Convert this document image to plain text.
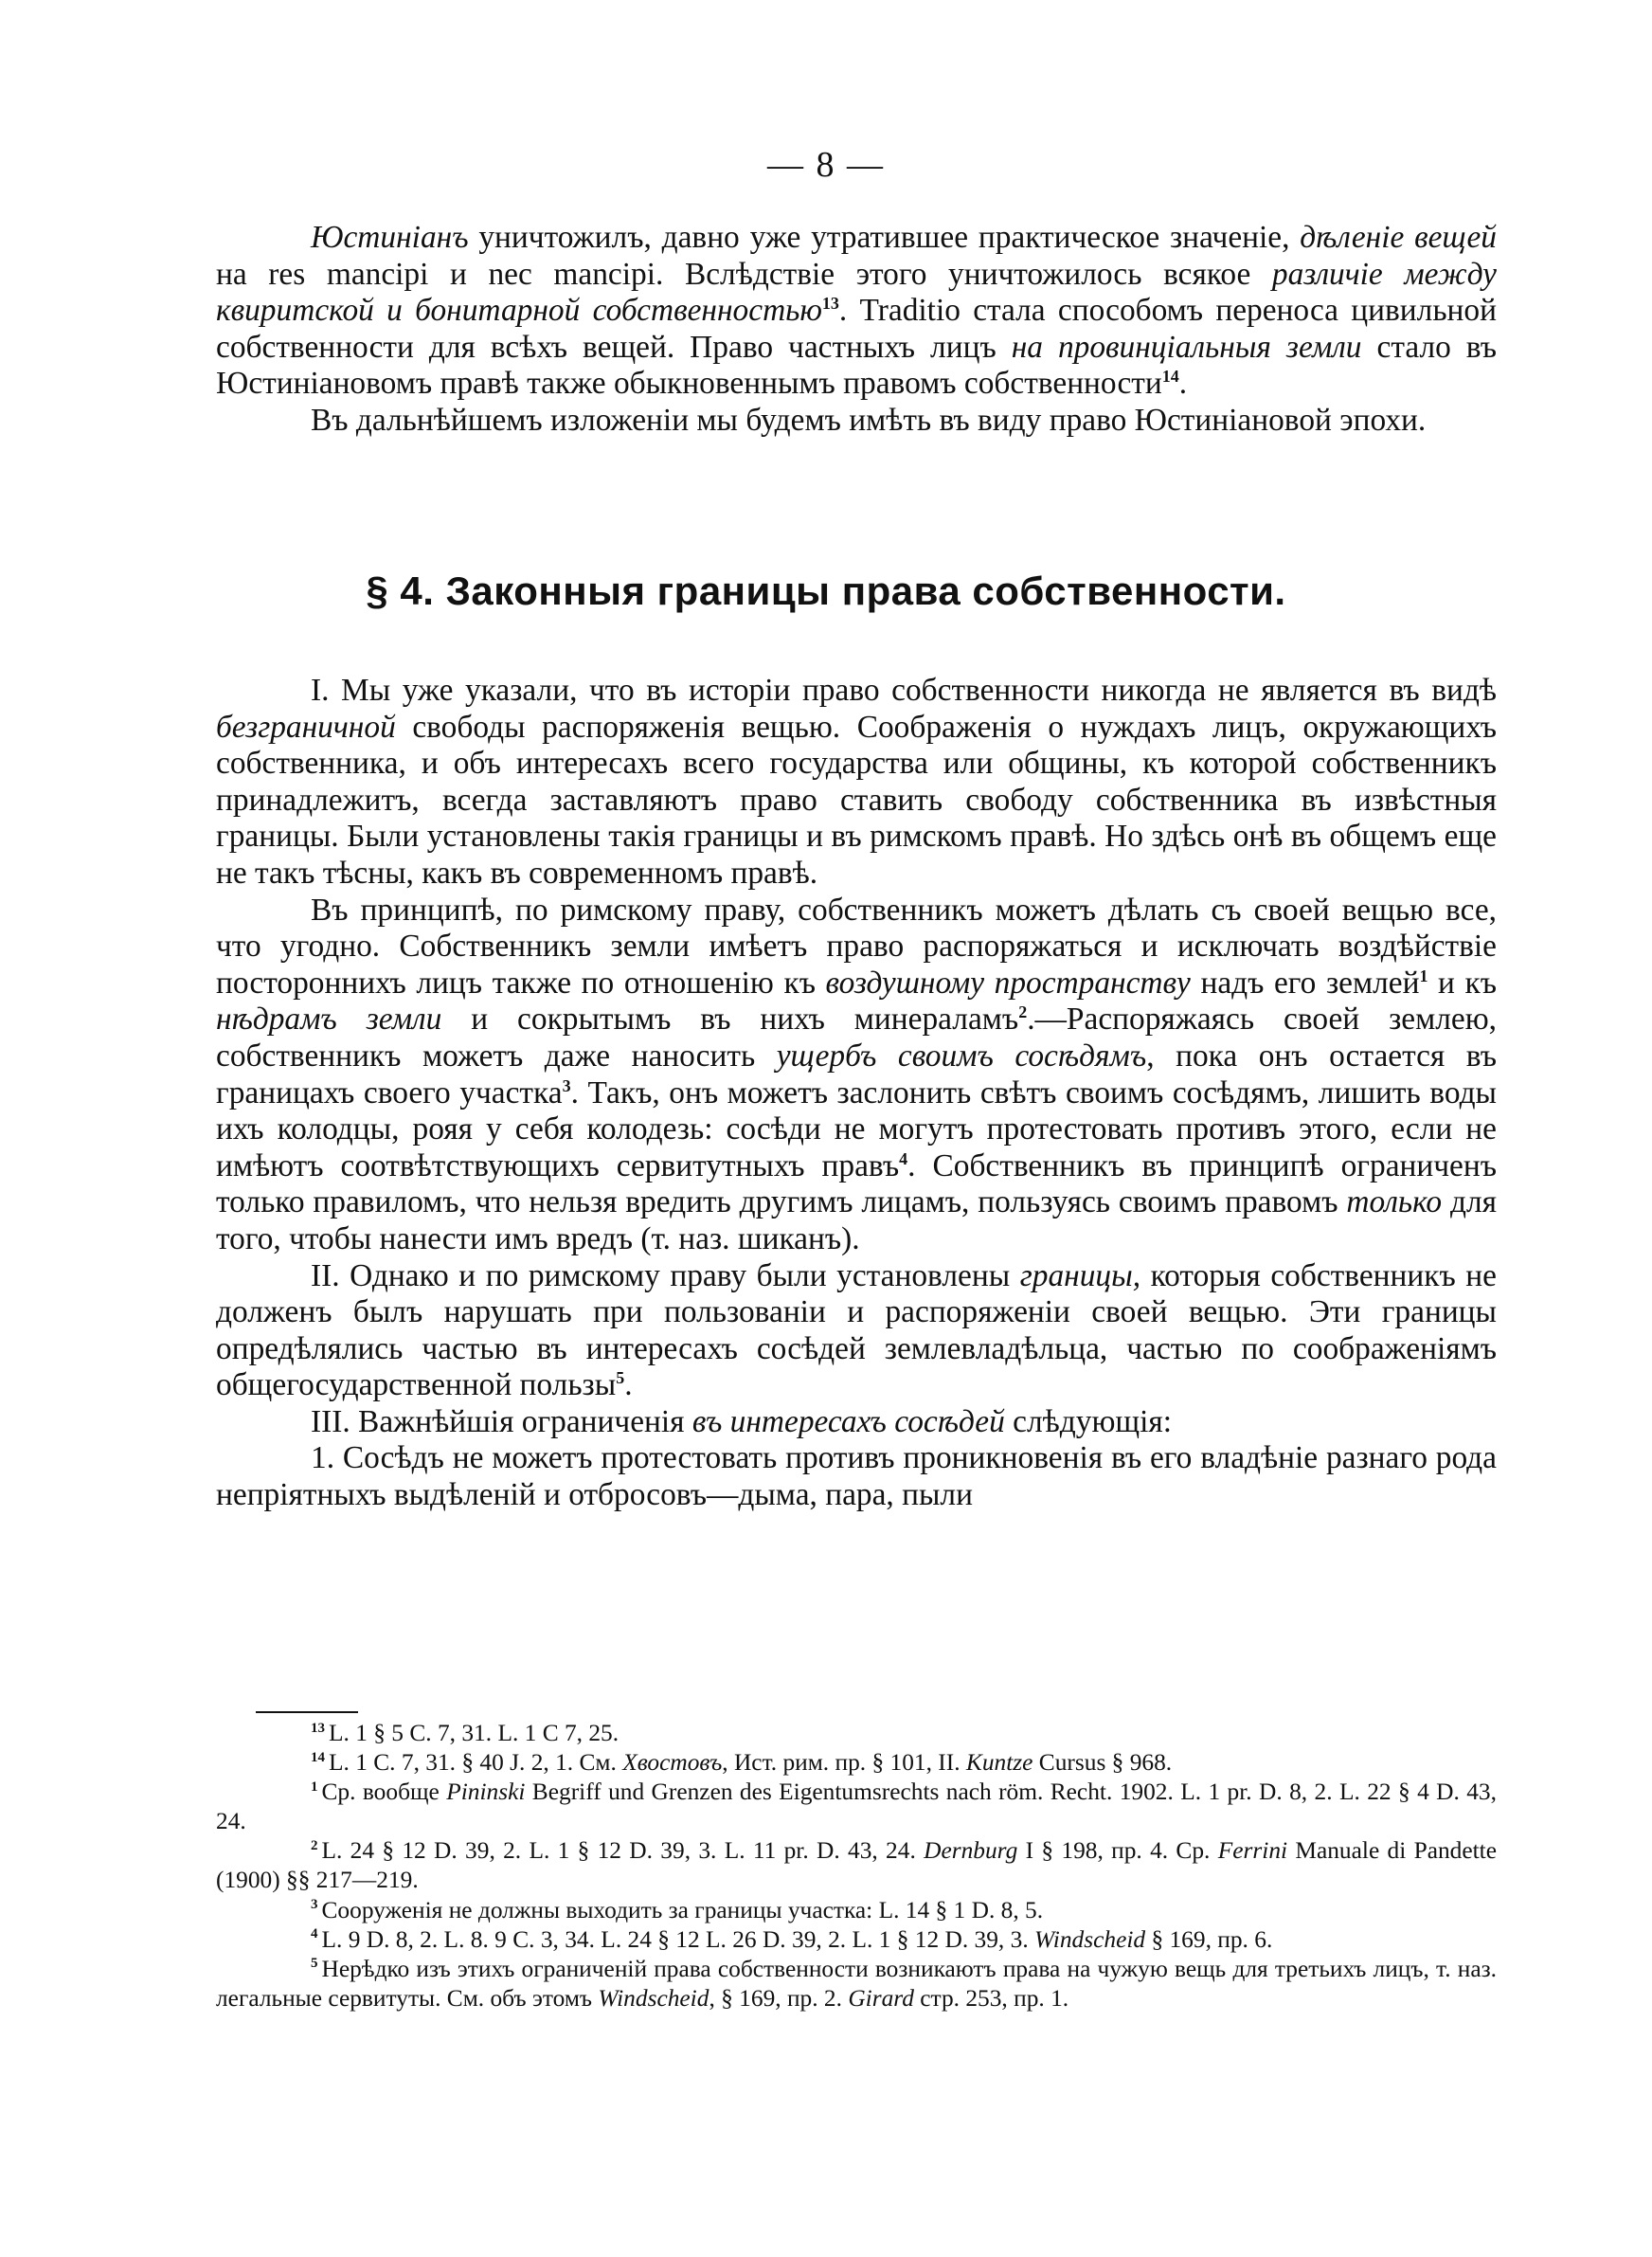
— 8 —

Юстиніанъ уничтожилъ, давно уже утратившее практическое значеніе, дѣленіе вещей на res mancipi и nec mancipi. Вслѣдствіе этого уничтожилось всякое различіе между квиритской и бонитарной собственностью$^{13}$. Traditio стала способомъ переноса цивильной собственности для всѣхъ вещей. Право частныхъ лицъ на провинціальныя земли стало въ Юстиніановомъ правѣ также обыкновеннымъ правомъ собственности$^{14}$.

Въ дальнѣйшемъ изложеніи мы будемъ имѣть въ виду право Юстиніановой эпохи.

§ 4. Законныя границы права собственности.

I. Мы уже указали, что въ исторіи право собственности никогда не является въ видѣ безграничной свободы распоряженія вещью. Соображенія о нуждахъ лицъ, окружающихъ собственника, и объ интересахъ всего государства или общины, къ которой собственникъ принадлежитъ, всегда заставляютъ право ставить свободу собственника въ извѣстныя границы. Были установлены такія границы и въ римскомъ правѣ. Но здѣсь онѣ въ общемъ еще не такъ тѣсны, какъ въ современномъ правѣ.

Въ принципѣ, по римскому праву, собственникъ можетъ дѣлать съ своей вещью все, что угодно. Собственникъ земли имѣетъ право распоряжаться и исключать воздѣйствіе постороннихъ лицъ также по отношенію къ воздушному пространству надъ его землей$^1$ и къ нѣдрамъ земли и сокрытымъ въ нихъ минераламъ$^2$.—Распоряжаясь своей землею, собственникъ можетъ даже наносить ущербъ своимъ сосѣдямъ, пока онъ остается въ границахъ своего участка$^3$. Такъ, онъ можетъ заслонить свѣтъ своимъ сосѣдямъ, лишить воды ихъ колодцы, рояя у себя колодезь: сосѣди не могутъ протестовать противъ этого, если не имѣютъ соотвѣтствующихъ сервитутныхъ правъ$^4$. Собственникъ въ принципѣ ограниченъ только правиломъ, что нельзя вредить другимъ лицамъ, пользуясь своимъ правомъ только для того, чтобы нанести имъ вредъ (т. наз. шиканъ).

II. Однако и по римскому праву были установлены границы, которыя собственникъ не долженъ былъ нарушать при пользованіи и распоряженіи своей вещью. Эти границы опредѣлялись частью въ интересахъ сосѣдей землевладѣльца, частью по соображеніямъ общегосударственной пользы$^5$.

III. Важнѣйшія ограниченія въ интересахъ сосѣдей слѣдующія:

1. Сосѣдъ не можетъ протестовать противъ проникновенія въ его владѣніе разнаго рода непріятныхъ выдѣленій и отбросовъ—дыма, пара, пыли

$^{13}$ L. 1 § 5 C. 7, 31. L. 1 C 7, 25.

$^{14}$ L. 1 C. 7, 31. § 40 J. 2, 1. См. Хвостовъ, Ист. рим. пр. § 101, II. Kuntze Cursus § 968.

$^1$ Ср. вообще Pininski Begriff und Grenzen des Eigentumsrechts nach röm. Recht. 1902. L. 1 pr. D. 8, 2. L. 22 § 4 D. 43, 24.

$^2$ L. 24 § 12 D. 39, 2. L. 1 § 12 D. 39, 3. L. 11 pr. D. 43, 24. Dernburg I § 198, пр. 4. Ср. Ferrini Manuale di Pandette (1900) §§ 217—219.

$^3$ Сооруженія не должны выходить за границы участка: L. 14 § 1 D. 8, 5.

$^4$ L. 9 D. 8, 2. L. 8. 9 C. 3, 34. L. 24 § 12 L. 26 D. 39, 2. L. 1 § 12 D. 39, 3. Windscheid § 169, пр. 6.

$^5$ Нерѣдко изъ этихъ ограниченій права собственности возникаютъ права на чужую вещь для третьихъ лицъ, т. наз. легальные сервитуты. См. объ этомъ Windscheid, § 169, пр. 2. Girard стр. 253, пр. 1.
